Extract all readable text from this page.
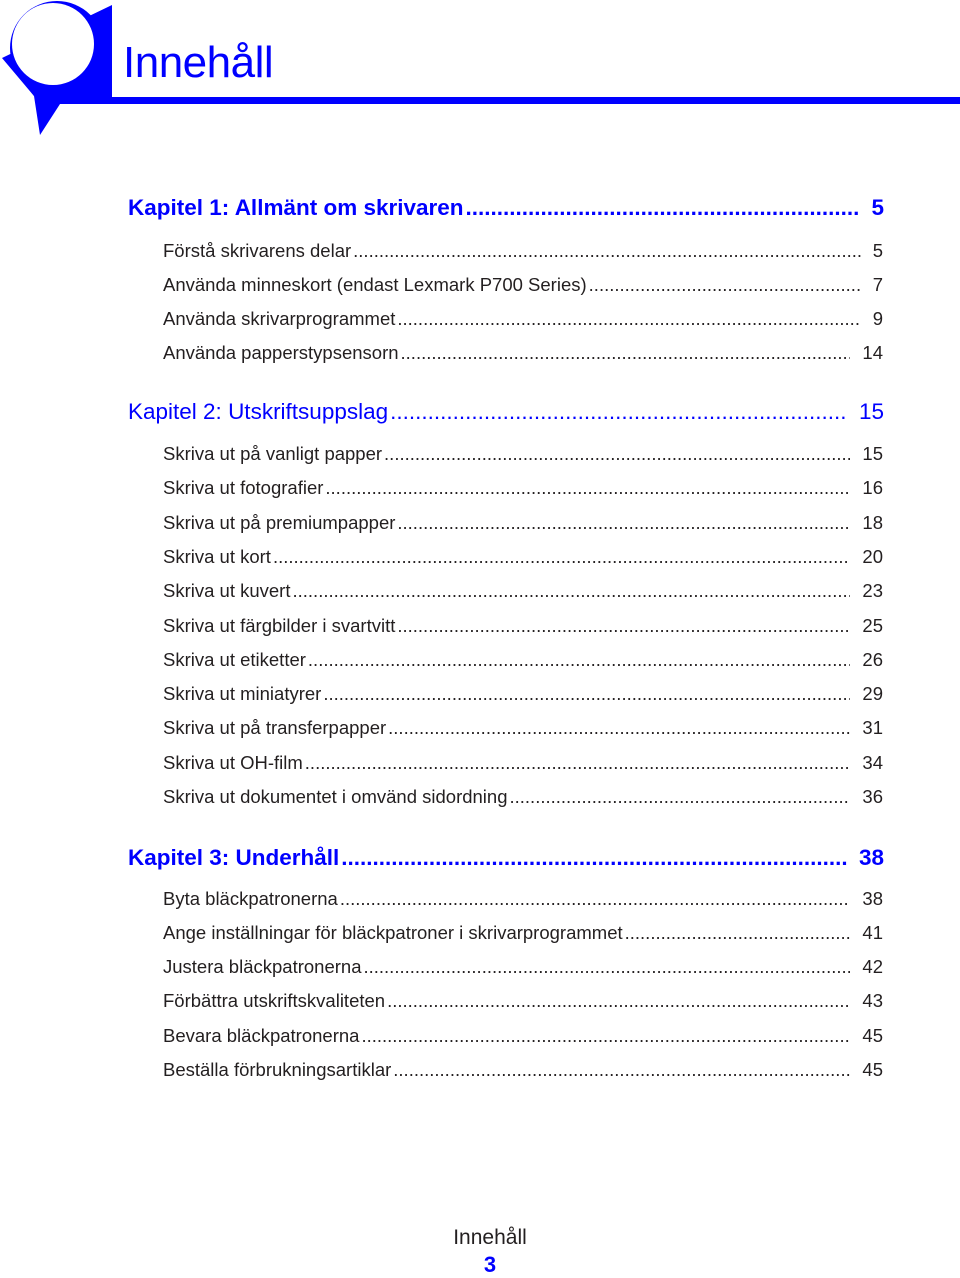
Innehåll
Kapitel 1: Allmänt om skrivaren .....	5
Förstå skrivarens delar .....	5
Använda minneskort (endast Lexmark P700 Series) .....	7
Använda skrivarprogrammet .....	9
Använda papperstypsensorn .....	14
Kapitel 2: Utskriftsuppslag .....	15
Skriva ut på vanligt papper .....	15
Skriva ut fotografier .....	16
Skriva ut på premiumpapper .....	18
Skriva ut kort .....	20
Skriva ut kuvert .....	23
Skriva ut färgbilder i svartvitt .....	25
Skriva ut etiketter .....	26
Skriva ut miniatyrer .....	29
Skriva ut på transferpapper .....	31
Skriva ut OH-film .....	34
Skriva ut dokumentet i omvänd sidordning .....	36
Kapitel 3: Underhåll .....	38
Byta bläckpatronerna .....	38
Ange inställningar för bläckpatroner i skrivarprogrammet .....	41
Justera bläckpatronerna .....	42
Förbättra utskriftskvaliteten .....	43
Bevara bläckpatronerna .....	45
Beställa förbrukningsartiklar .....	45
Innehåll
3
